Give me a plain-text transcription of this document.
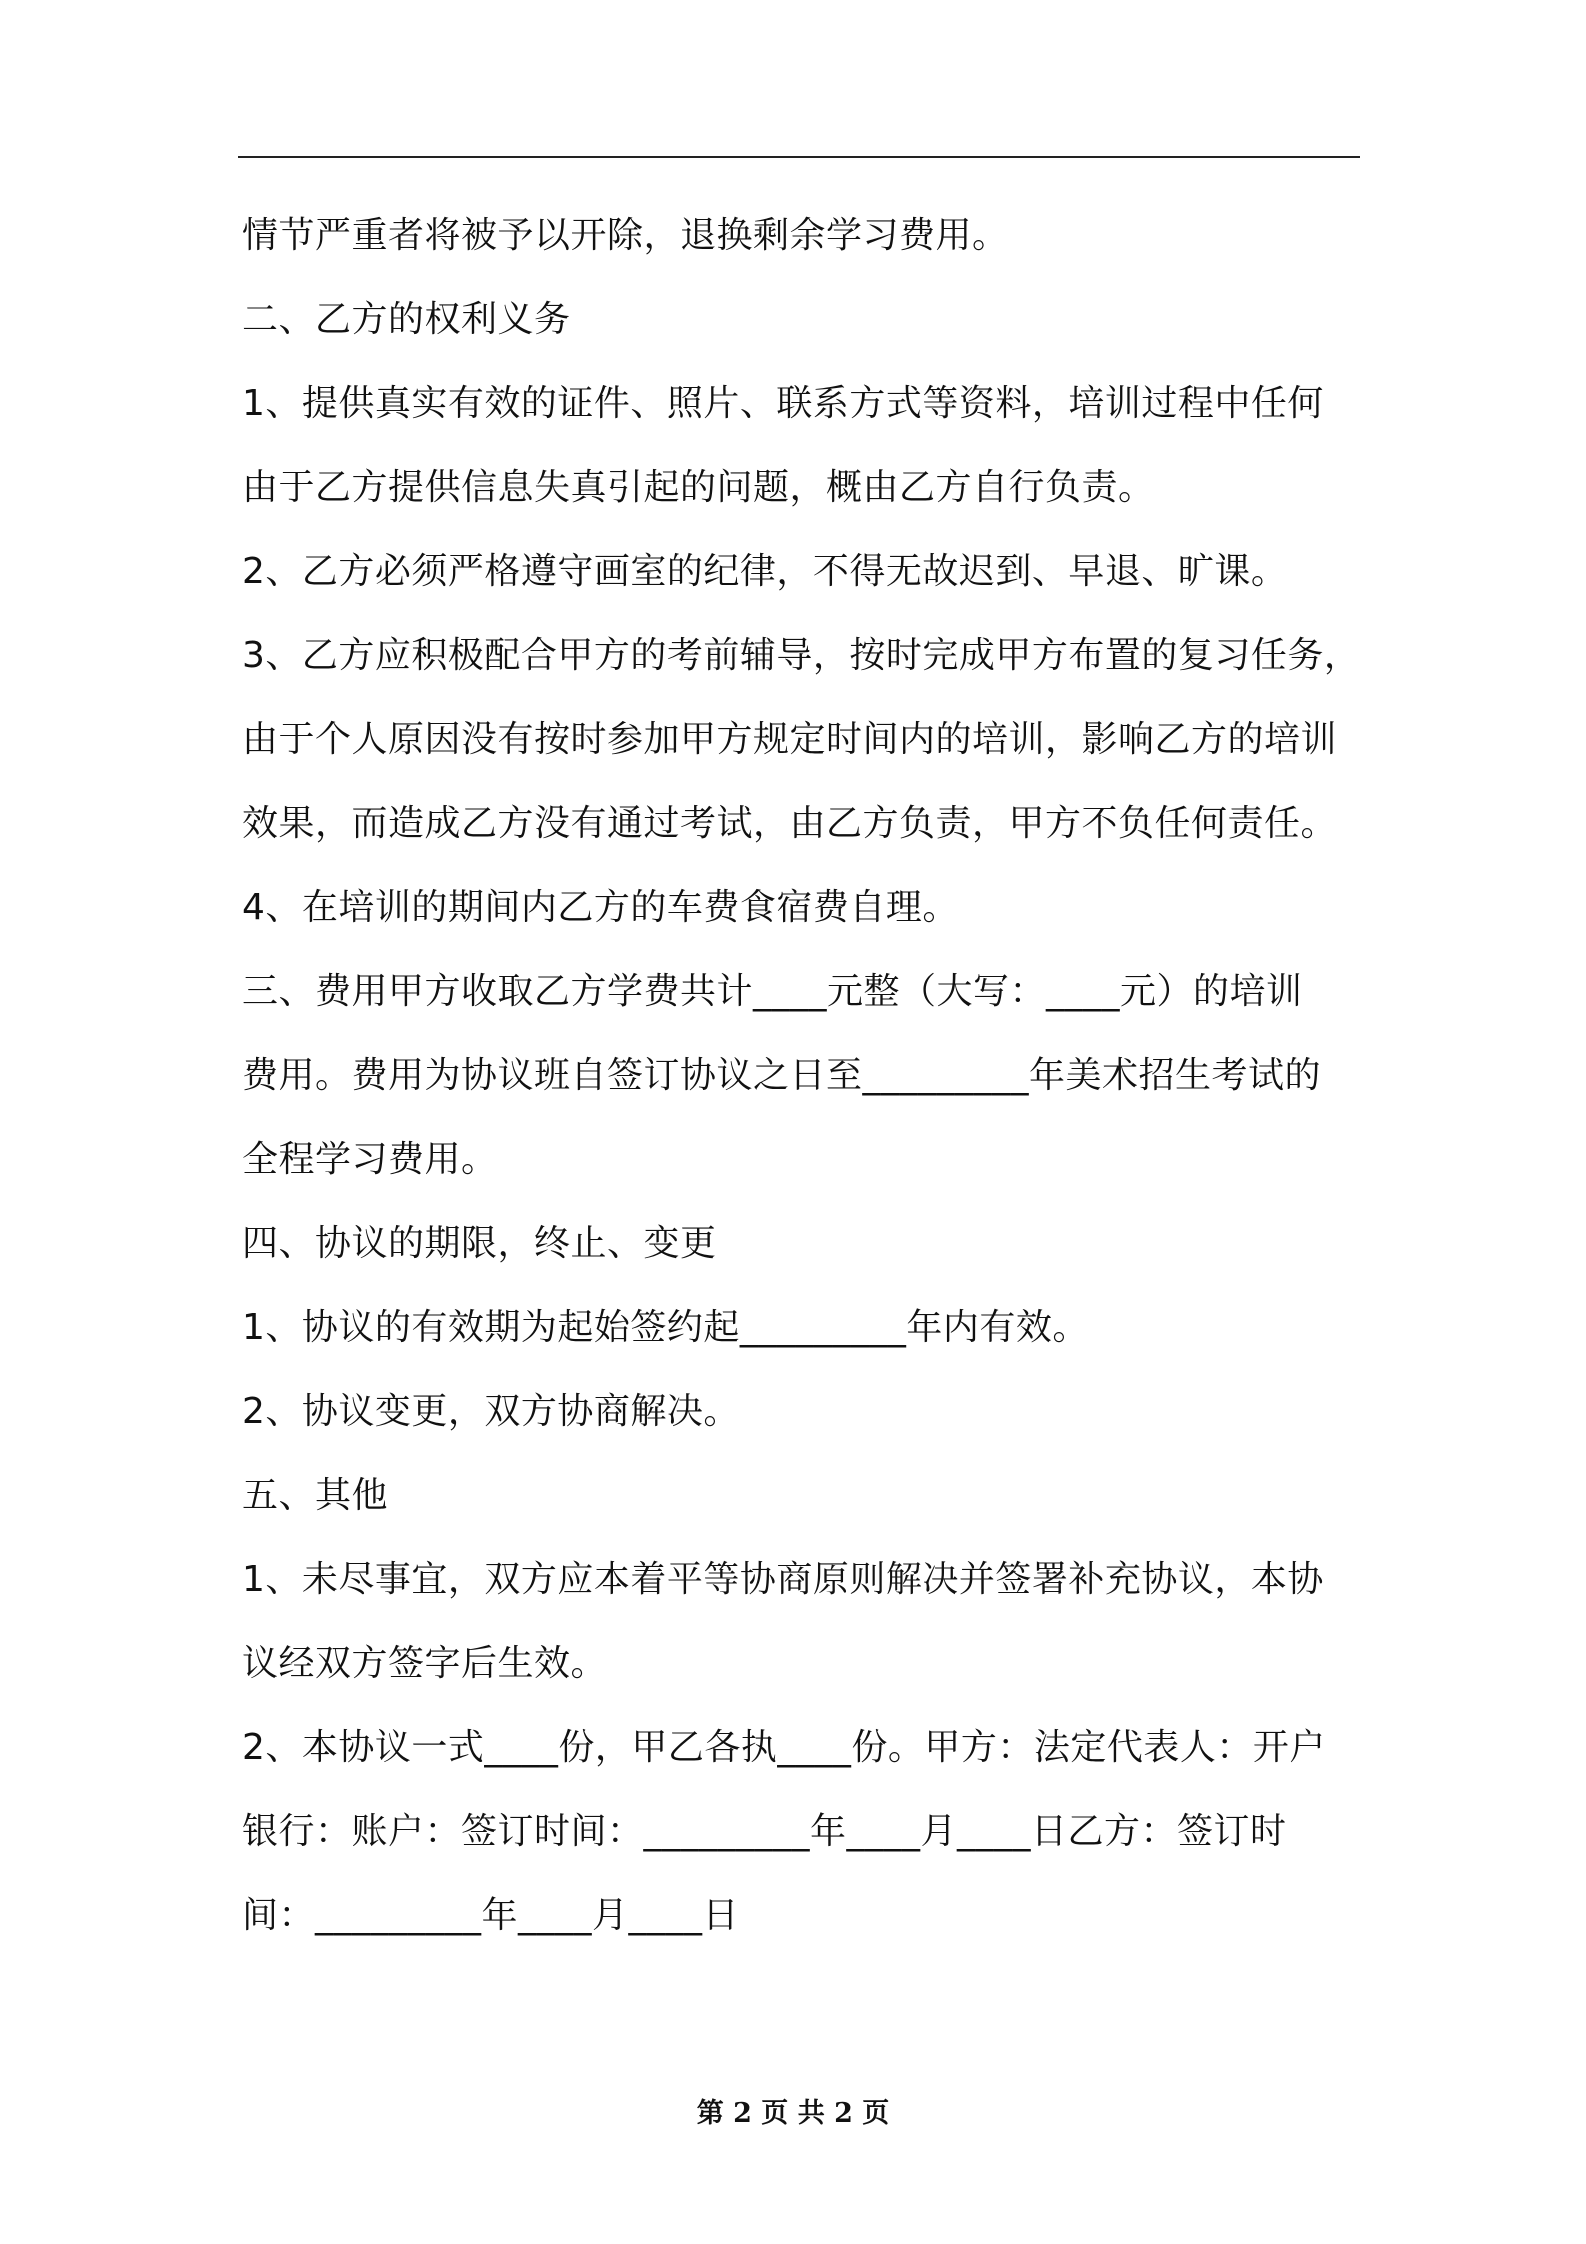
情节严重者将被予以开除，退换剩余学习费用。
二、乙方的权利义务
1、提供真实有效的证件、照片、联系方式等资料，培训过程中任何
由于乙方提供信息失真引起的问题，概由乙方自行负责。
2、乙方必须严格遵守画室的纪律，不得无故迟到、早退、旷课。
3、乙方应积极配合甲方的考前辅导，按时完成甲方布置的复习任务，
由于个人原因没有按时参加甲方规定时间内的培训，影响乙方的培训
效果，而造成乙方没有通过考试，由乙方负责，甲方不负任何责任。
4、在培训的期间内乙方的车费食宿费自理。
三、费用甲方收取乙方学费共计____元整（大写：____元）的培训
费用。费用为协议班自签订协议之日至_________年美术招生考试的
全程学习费用。
四、协议的期限，终止、变更
1、协议的有效期为起始签约起_________年内有效。
2、协议变更，双方协商解决。
五、其他
1、未尽事宜，双方应本着平等协商原则解决并签署补充协议，本协
议经双方签字后生效。
2、本协议一式____份，甲乙各执____份。甲方：法定代表人：开户
银行：账户：签订时间：_________年____月____日乙方：签订时
间：_________年____月____日
第 2 页 共 2 页
